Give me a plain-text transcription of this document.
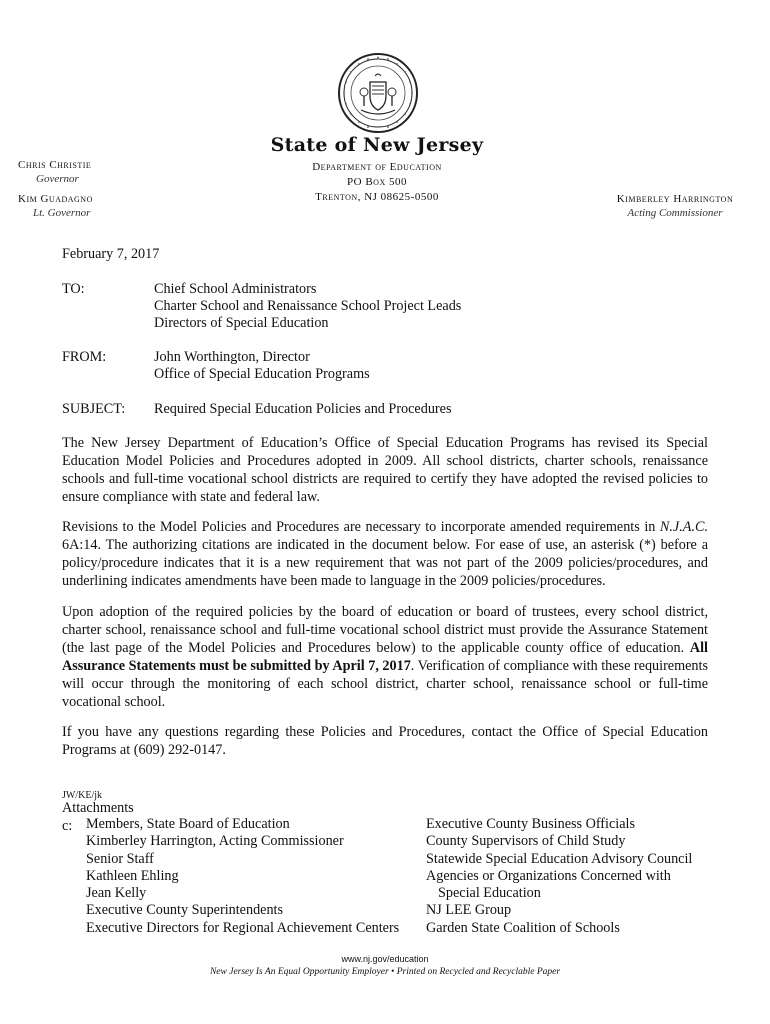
State of New Jersey
Department of Education
PO Box 500
Trenton, NJ 08625-0500
Chris Christie
Governor
Kim Guadagno
Lt. Governor
Kimberley Harrington
Acting Commissioner
February 7, 2017
TO:	Chief School Administrators
Charter School and Renaissance School Project Leads
Directors of Special Education
FROM:	John Worthington, Director
Office of Special Education Programs
SUBJECT: Required Special Education Policies and Procedures
The New Jersey Department of Education’s Office of Special Education Programs has revised its Special Education Model Policies and Procedures adopted in 2009. All school districts, charter schools, renaissance schools and full-time vocational school districts are required to certify they have adopted the revised policies to ensure compliance with state and federal law.
Revisions to the Model Policies and Procedures are necessary to incorporate amended requirements in N.J.A.C. 6A:14. The authorizing citations are indicated in the document below. For ease of use, an asterisk (*) before a policy/procedure indicates that it is a new requirement that was not part of the 2009 policies/procedures, and underlining indicates amendments have been made to language in the 2009 policies/procedures.
Upon adoption of the required policies by the board of education or board of trustees, every school district, charter school, renaissance school and full-time vocational school district must provide the Assurance Statement (the last page of the Model Policies and Procedures below) to the applicable county office of education. All Assurance Statements must be submitted by April 7, 2017. Verification of compliance with these requirements will occur through the monitoring of each school district, charter school, renaissance school or full-time vocational school.
If you have any questions regarding these Policies and Procedures, contact the Office of Special Education Programs at (609) 292-0147.
JW/KE/jk
Attachments
c: Members, State Board of Education
Kimberley Harrington, Acting Commissioner
Senior Staff
Kathleen Ehling
Jean Kelly
Executive County Superintendents
Executive Directors for Regional Achievement Centers
Executive County Business Officials
County Supervisors of Child Study
Statewide Special Education Advisory Council
Agencies or Organizations Concerned with
Special Education
NJ LEE Group
Garden State Coalition of Schools
www.nj.gov/education
New Jersey Is An Equal Opportunity Employer • Printed on Recycled and Recyclable Paper
